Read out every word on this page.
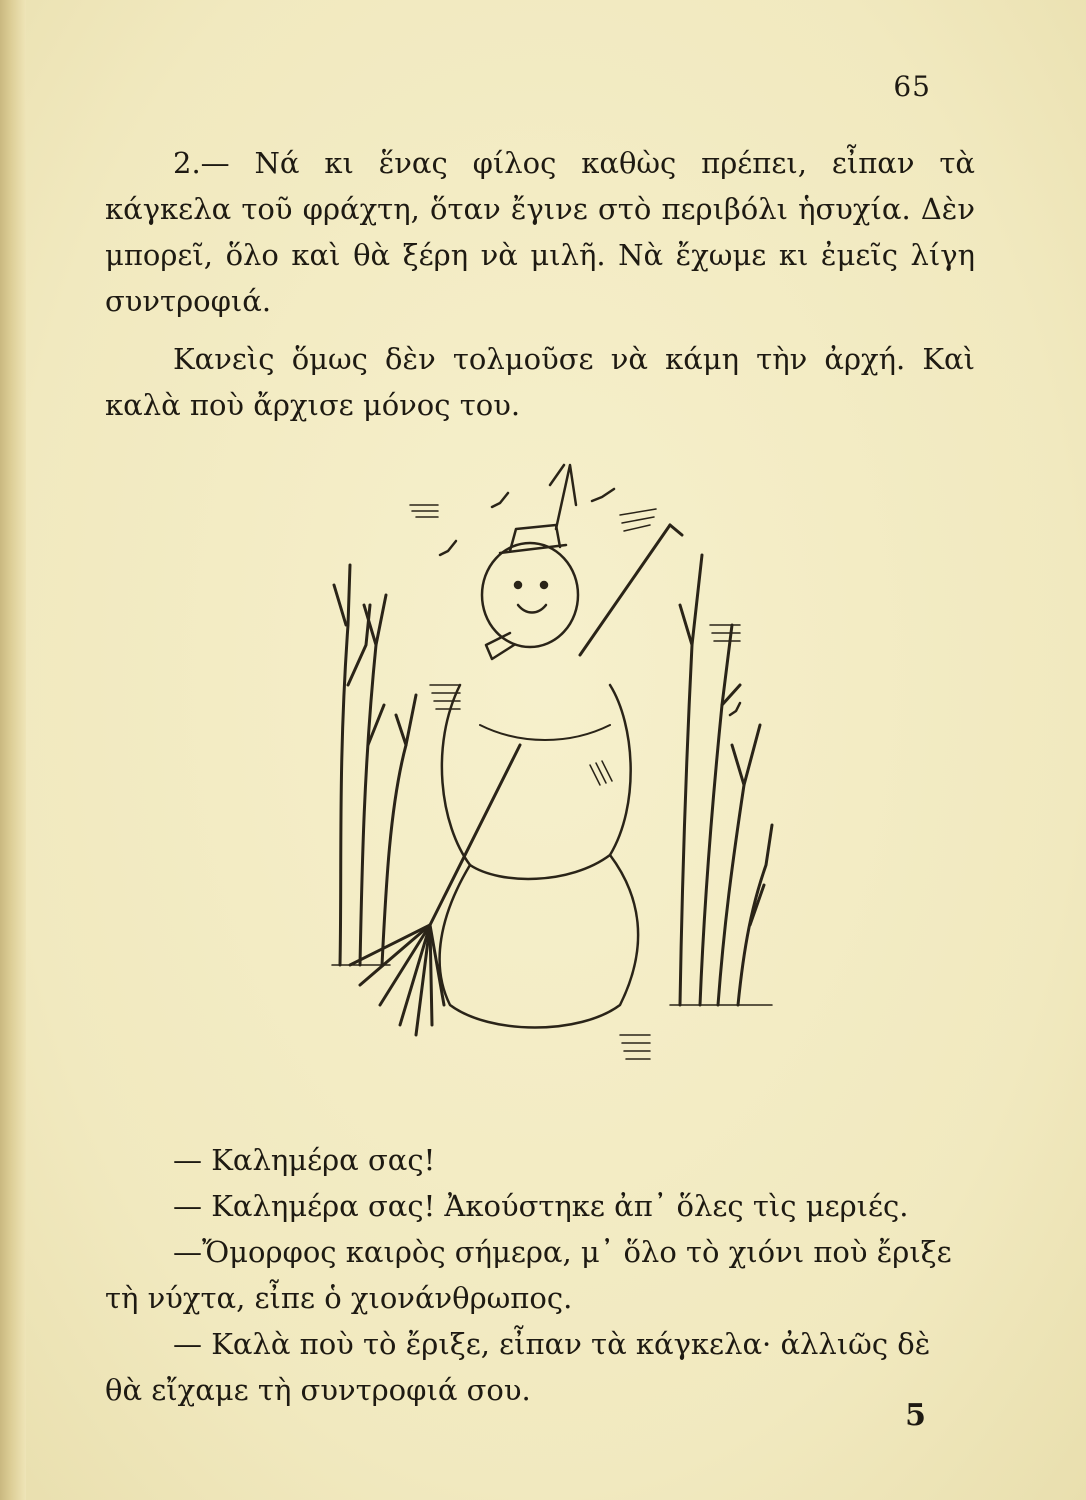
65

2.— Νά κι ἕνας φίλος καθὼς πρέπει, εἶπαν τὰ κάγκελα τοῦ φράχτη, ὅταν ἔγινε στὸ περιβόλι ἡσυχία. Δὲν μπορεῖ, ὅλο καὶ θὰ ξέρη νὰ μιλῆ. Νὰ ἔχωμε κι ἐμεῖς λίγη συντροφιά.

Κανεὶς ὅμως δὲν τολμοῦσε νὰ κάμη τὴν ἀρχή. Καὶ καλὰ ποὺ ἄρχισε μόνος του.

— Καλημέρα σας!

— Καλημέρα σας! Ἀκούστηκε ἀπ᾽ ὅλες τὶς μεριές.

—Ὄμορφος καιρὸς σήμερα, μ᾽ ὅλο τὸ χιόνι ποὺ ἔριξε τὴ νύχτα, εἶπε ὁ χιονάνθρωπος.

— Καλὰ ποὺ τὸ ἔριξε, εἶπαν τὰ κάγκελα· ἀλλιῶς δὲ θὰ εἴχαμε τὴ συντροφιά σου.

5
